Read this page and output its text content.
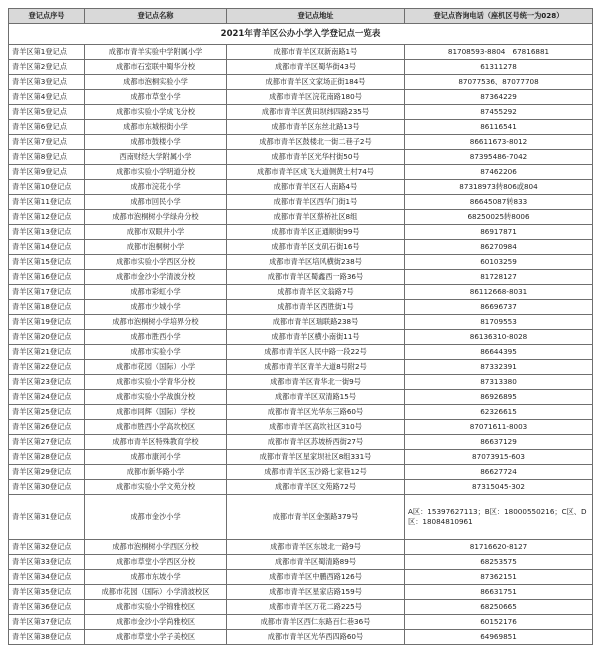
2021年青羊区公办小学入学登记点一览表			
登记点序号	登记点名称	登记点地址	登记点咨询电话（座机区号统一为028）
青羊区第1登记点	成都市青羊实验中学附属小学	成都市青羊区双新南路1号	81708593-8804　67816881
青羊区第2登记点	成都市石室联中蜀华分校	成都市青羊区蜀华街43号	61311278
青羊区第3登记点	成都市泡桐实验小学	成都市青羊区文家场正街184号	87077536、87077708
青羊区第4登记点	成都市草堂小学	成都市青羊区浣花南路180号	87364229
青羊区第5登记点	成都市实验小学成飞分校	成都市青羊区黄田坝纬四路235号	87455292
青羊区第6登记点	成都市东城根街小学	成都市青羊区东丝北路13号	86116541
青羊区第7登记点	成都市鼓楼小学	成都市青羊区鼓楼北一街二巷子2号	86611673-8012
青羊区第8登记点	西南财经大学附属小学	成都市青羊区光华村街50号	87395486-7042
青羊区第9登记点	成都市实验小学明道分校	成都市青羊区成飞大道侧黄土村74号	87462206
青羊区第10登记点	成都市浣花小学	成都市青羊区石人南路4号	87318973转806或804
青羊区第11登记点	成都市回民小学	成都市青羊区西华门街1号	86645087转833
青羊区第12登记点	成都市泡桐树小学绿舟分校	成都市青羊区蔡桥社区8组	68250025转8006
青羊区第13登记点	成都市双眼井小学	成都市青羊区正通顺街99号	86917871
青羊区第14登记点	成都市泡桐树小学	成都市青羊区支矶石街16号	86270984
青羊区第15登记点	成都市实验小学西区分校	成都市青羊区培风横街238号	60103259
青羊区第16登记点	成都市金沙小学清波分校	成都市青羊区蜀鑫西一路36号	81728127
青羊区第17登记点	成都市彩虹小学	成都市青羊区文翁路7号	86112668-8031
青羊区第18登记点	成都市少城小学	成都市青羊区西胜街1号	86696737
青羊区第19登记点	成都市泡桐树小学培界分校	成都市青羊区瑞联路238号	81709553
青羊区第20登记点	成都市胜西小学	成都市青羊区横小南街11号	86136310-8028
青羊区第21登记点	成都市实验小学	成都市青羊区人民中路一段22号	86644395
青羊区第22登记点	成都市花园（国际）小学	成都市青羊区青羊大道8号附2号	87332391
青羊区第23登记点	成都市实验小学青华分校	成都市青羊区青华北一街9号	87313380
青羊区第24登记点	成都市实验小学战旗分校	成都市青羊区双清路15号	86926895
青羊区第25登记点	成都市同辉（国际）学校	成都市青羊区光华东三路60号	62326615
青羊区第26登记点	成都市胜西小学高坎校区	成都市青羊区高坎社区310号	87071611-8003
青羊区第27登记点	成都市青羊区特殊教育学校	成都市青羊区苏坡桥西街27号	86637129
青羊区第28登记点	成都市康河小学	成都市青羊区星家坝社区8组331号	87073915-603
青羊区第29登记点	成都市新华路小学	成都市青羊区玉沙路七家巷12号	86627724
青羊区第30登记点	成都市实验小学文苑分校	成都市青羊区文苑路72号	87315045-302
青羊区第31登记点	成都市金沙小学	成都市青羊区金强路379号	A区：15397627113；B区：18000550216；C区、D区：18084810961
青羊区第32登记点	成都市泡桐树小学西区分校	成都市青羊区东坡北一路9号	81716620-8127
青羊区第33登记点	成都市草堂小学西区分校	成都市青羊区蜀清路89号	68253575
青羊区第34登记点	成都市东坡小学	成都市青羊区中鹏西路126号	87362151
青羊区第35登记点	成都市花园（国际）小学清波校区	成都市青羊区星家店路159号	86631751
青羊区第36登记点	成都市实验小学锦雅校区	成都市青羊区万花二路225号	68250665
青羊区第37登记点	成都市金沙小学尚雅校区	成都市青羊区西仁东路百仁巷36号	60152176
青羊区第38登记点	成都市草堂小学子美校区	成都市青羊区光华西四路60号	64969851
